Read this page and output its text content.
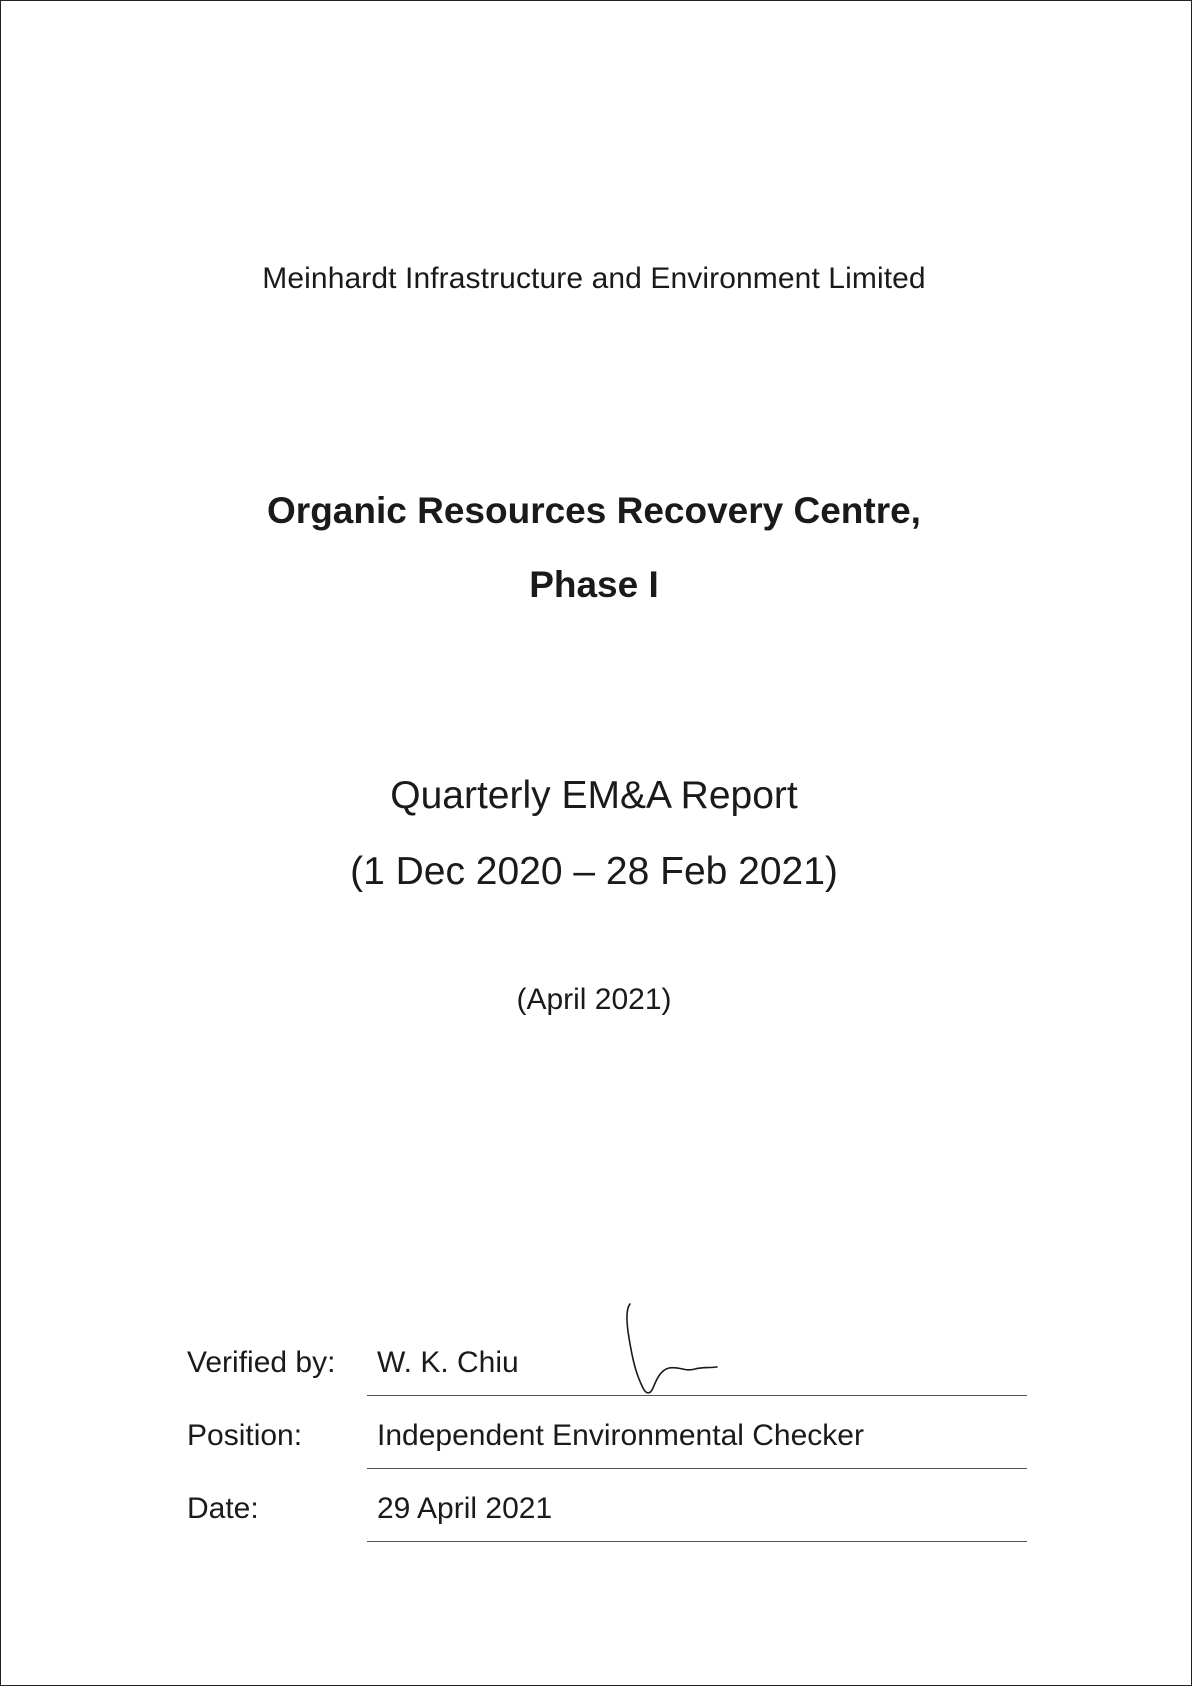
Meinhardt Infrastructure and Environment Limited
Organic Resources Recovery Centre,
Phase I
Quarterly EM&A Report
(1 Dec 2020 – 28 Feb 2021)
(April 2021)
Verified by: W. K. Chiu
Position: Independent Environmental Checker
Date:	29 April 2021
